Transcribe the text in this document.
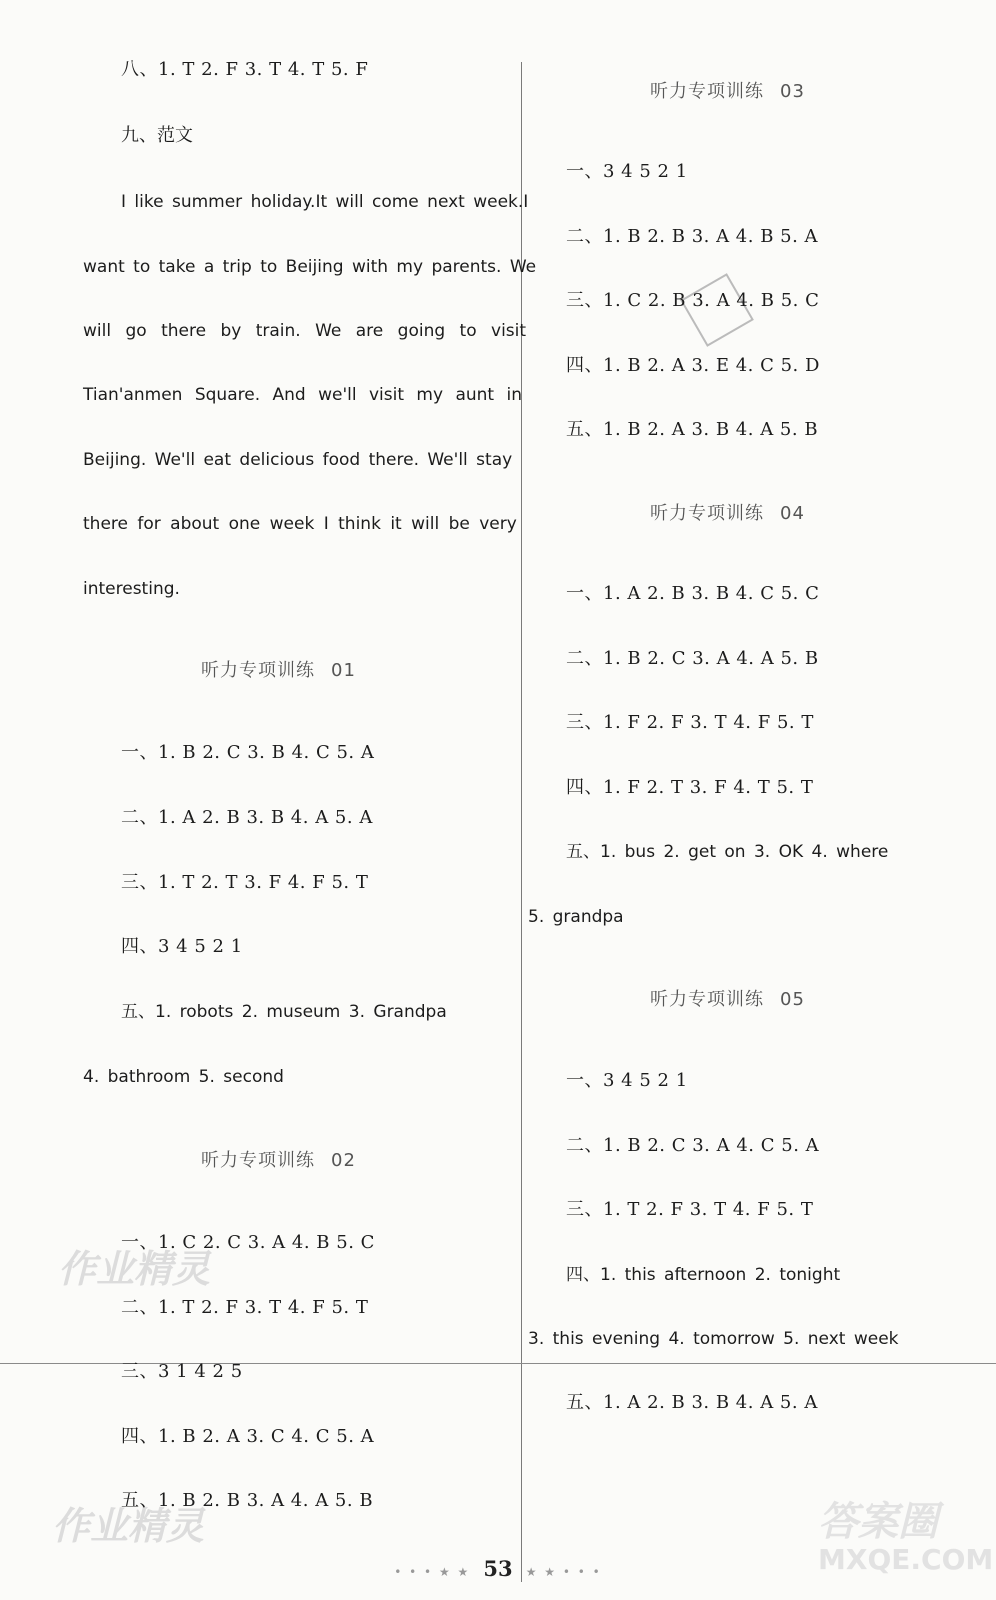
作业精灵
作业精灵	答案圈
MXQE.COM
八、1. T 2. F 3. T 4. T 5. F
九、范文
I like summer holiday.It will come next week.I
want to take a trip to Beijing with my parents. We
will go there by train. We are going to visit
Tian'anmen Square. And we'll visit my aunt in
Beijing. We'll eat delicious food there. We'll stay
there for about one week I think it will be very
interesting.
听力专项训练 01
一、1. B 2. C 3. B 4. C 5. A
二、1. A 2. B 3. B 4. A 5. A
三、1. T 2. T 3. F 4. F 5. T
四、3 4 5 2 1
五、1. robots 2. museum 3. Grandpa
4. bathroom 5. second
听力专项训练 02
一、1. C 2. C 3. A 4. B 5. C
二、1. T 2. F 3. T 4. F 5. T
三、3 1 4 2 5
四、1. B 2. A 3. C 4. C 5. A
五、1. B 2. B 3. A 4. A 5. B
听力专项训练 03
一、3 4 5 2 1
二、1. B 2. B 3. A 4. B 5. A
三、1. C 2. B 3. A 4. B 5. C
四、1. B 2. A 3. E 4. C 5. D
五、1. B 2. A 3. B 4. A 5. B
听力专项训练 04
一、1. A 2. B 3. B 4. C 5. C
二、1. B 2. C 3. A 4. A 5. B
三、1. F 2. F 3. T 4. F 5. T
四、1. F 2. T 3. F 4. T 5. T
五、1. bus 2. get on 3. OK 4. where
5. grandpa
听力专项训练 05
一、3 4 5 2 1
二、1. B 2. C 3. A 4. C 5. A
三、1. T 2. F 3. T 4. F 5. T
四、1. this afternoon 2. tonight
3. this evening 4. tomorrow 5. next week
五、1. A 2. B 3. B 4. A 5. A
• • • ★ ★ 53 ★ ★ • • •
